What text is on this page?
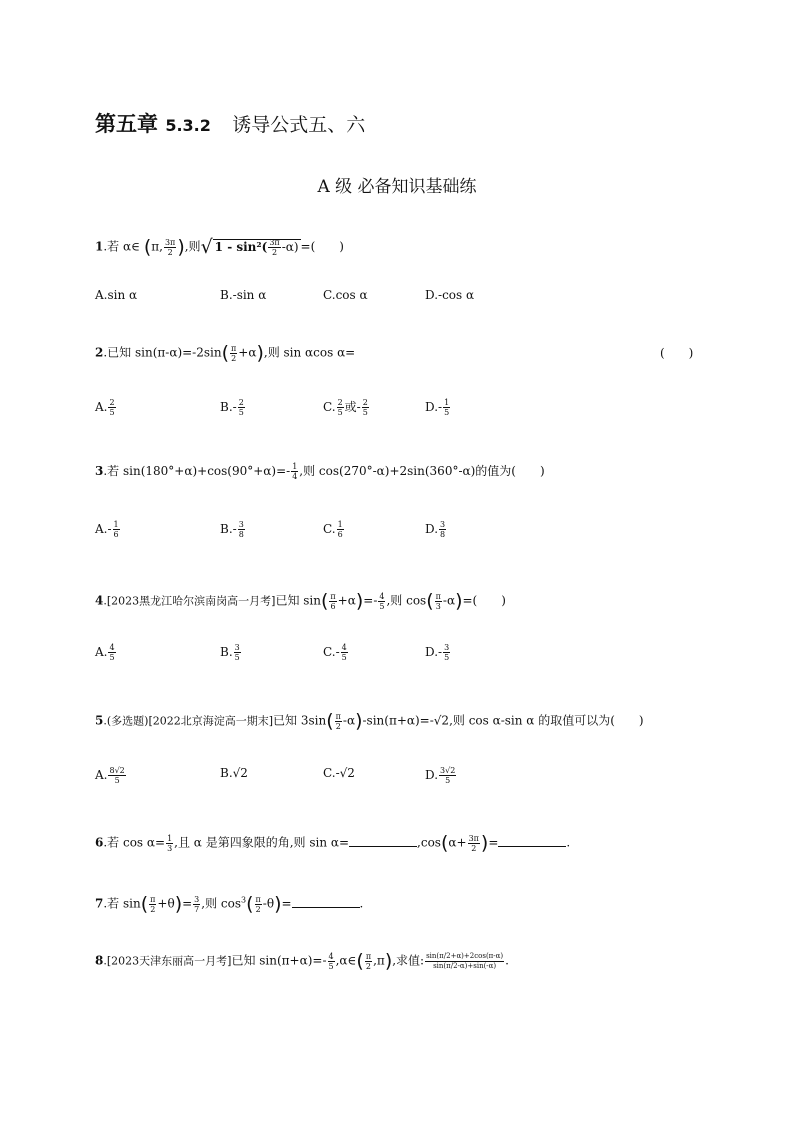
第五章 5.3.2 诱导公式五、六
A 级 必备知识基础练
1.若 α∈ (π, $\frac{3\pi}{2}$ ),则√ $1 - \sin^2( \frac{3\pi}{2} -\alpha)$ =(　　)
A.sin α	B.-sin α	C.cos α	D.-cos α
2.已知 $\sin(\pi-\alpha)=-2\sin( \frac{\pi}{2} +\alpha)$,则 sin αcos α=	(　　)
A. $\frac{2}{5}$	$B.- \frac{2}{5}$	C. $\frac{2}{5}$ 或- $\frac{2}{5}$	$D.- \frac{1}{5}$
3.若 $\sin(180^\circ+\alpha)+\cos(90^\circ+\alpha)=- \frac{1}{4}$ ,则 cos(270°-α)+2sin(360°-α)的值为(　　)
$A.- \frac{1}{6}$	$B.- \frac{3}{8}$	C. $\frac{1}{6}$	D. $\frac{3}{8}$
4.[2023黑龙江哈尔滨南岗高一月考]已知 $\sin( \frac{\pi}{6} +\alpha)=- \frac{4}{5}$ ,则 $\cos( \frac{\pi}{3} -\alpha)=$(　　)
A. $\frac{4}{5}$	B. $\frac{3}{5}$	$C.- \frac{4}{5}$	$D.- \frac{3}{5}$
5.(多选题)[2022北京海淀高一期末]已知 $3\sin( \frac{\pi}{2} -\alpha)-\sin(\pi+\alpha)=-√2$,则 cos α-sin α 的取值可以为(　　)
A. $\frac{8√2}{5}$	B.√2	C.-√2	D. $\frac{3√2}{5}$
6.若 $\cos \alpha= \frac{1}{3}$ ,且 α 是第四象限的角,则 sin α=	$,\cos(\alpha+ \frac{3\pi}{2}$ )=	.
7.若 $\sin( \frac{\pi}{2} +\theta)= \frac{3}{7}$ ,则 $\cos^3( \frac{\pi}{2} -\theta)=$	.
8.[2023天津东丽高一月考]已知 $\sin(\pi+\alpha)=- \frac{4}{5}$ ,α∈( $\frac{\pi}{2} ,\pi$),求值: $\frac{\sin(\pi/2+\alpha)+2\cos(\pi-\alpha)}{\sin(\pi/2-\alpha)+\sin(-\alpha)}$ .
